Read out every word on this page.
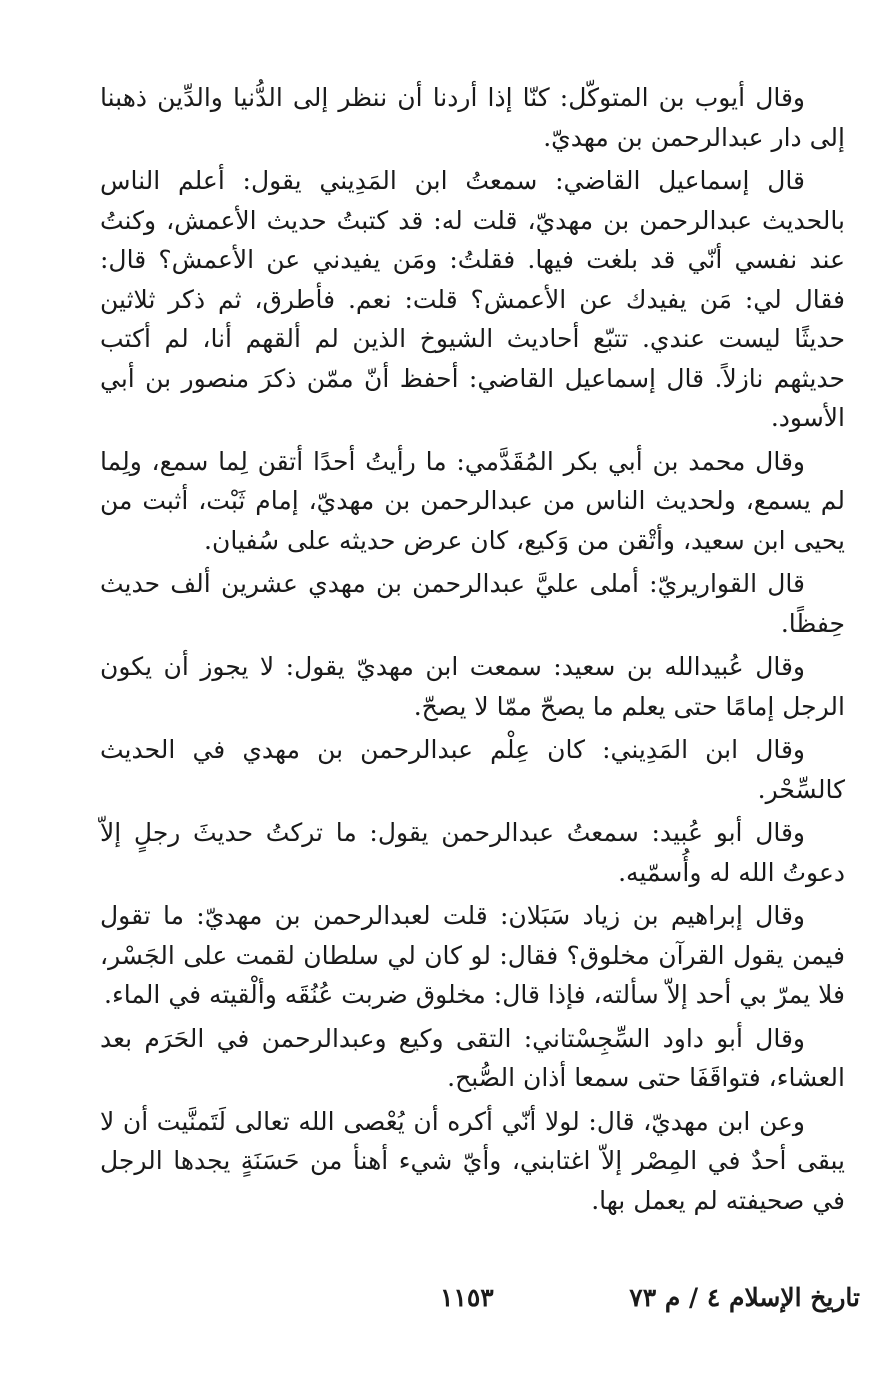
وقال أيوب بن المتوكّل: كنّا إذا أردنا أن ننظر إلى الدُّنيا والدِّين ذهبنا إلى دار عبدالرحمن بن مهديّ.

قال إسماعيل القاضي: سمعتُ ابن المَدِيني يقول: أعلم الناس بالحديث عبدالرحمن بن مهديّ، قلت له: قد كتبتُ حديث الأعمش، وكنتُ عند نفسي أنّي قد بلغت فيها. فقلتُ: ومَن يفيدني عن الأعمش؟ قال: فقال لي: مَن يفيدك عن الأعمش؟ قلت: نعم. فأطرق، ثم ذكر ثلاثين حديثًا ليست عندي. تتبّع أحاديث الشيوخ الذين لم ألقهم أنا، لم أكتب حديثهم نازلاً. قال إسماعيل القاضي: أحفظ أنّ ممّن ذكرَ منصور بن أبي الأسود.

وقال محمد بن أبي بكر المُقَدَّمي: ما رأيتُ أحدًا أتقن لِما سمع، ولِما لم يسمع، ولحديث الناس من عبدالرحمن بن مهديّ، إمام ثَبْت، أثبت من يحيى ابن سعيد، وأتْقن من وَكيع، كان عرض حديثه على سُفيان.

قال القواريريّ: أملى عليَّ عبدالرحمن بن مهدي عشرين ألف حديث حِفظًا.

وقال عُبيدالله بن سعيد: سمعت ابن مهديّ يقول: لا يجوز أن يكون الرجل إمامًا حتى يعلم ما يصحّ ممّا لا يصحّ.

وقال ابن المَدِيني: كان عِلْم عبدالرحمن بن مهدي في الحديث كالسِّحْر.

وقال أبو عُبيد: سمعتُ عبدالرحمن يقول: ما تركتُ حديثَ رجلٍ إلاّ دعوتُ الله له وأُسمّيه.

وقال إبراهيم بن زياد سَبَلان: قلت لعبدالرحمن بن مهديّ: ما تقول فيمن يقول القرآن مخلوق؟ فقال: لو كان لي سلطان لقمت على الجَسْر، فلا يمرّ بي أحد إلاّ سألته، فإذا قال: مخلوق ضربت عُنُقَه وألْقيته في الماء.

وقال أبو داود السِّجِسْتاني: التقى وكيع وعبدالرحمن في الحَرَم بعد العشاء، فتواقَفَا حتى سمعا أذان الصُّبح.

وعن ابن مهديّ، قال: لولا أنّي أكره أن يُعْصى الله تعالى لَتَمنَّيت أن لا يبقى أحدٌ في المِصْر إلاّ اغتابني، وأيّ شيء أهنأ من حَسَنَةٍ يجدها الرجل في صحيفته لم يعمل بها.

تاريخ الإسلام ٤ / م ٧٣
١١٥٣
